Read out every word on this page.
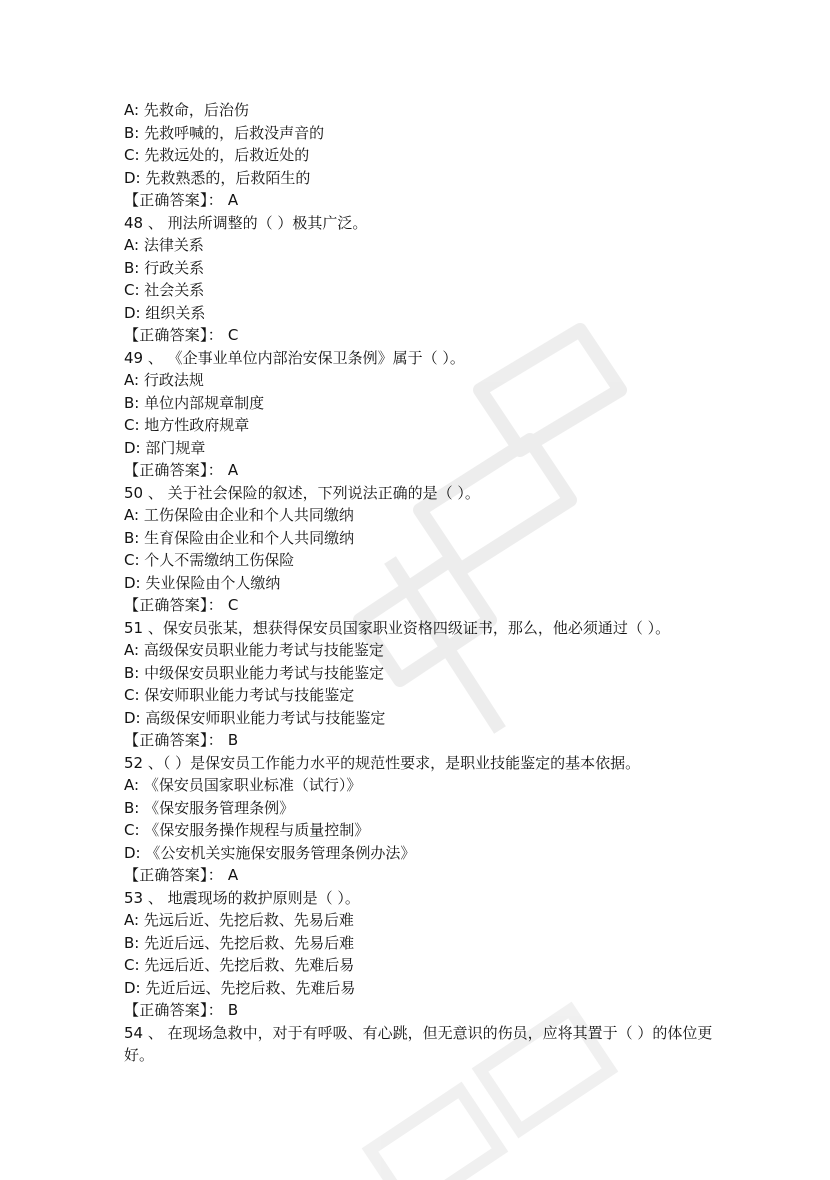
A: 先救命，后治伤
B: 先救呼喊的，后救没声音的
C: 先救远处的，后救近处的
D: 先救熟悉的，后救陌生的
【正确答案】： A
48 、 刑法所调整的（ ）极其广泛。
A: 法律关系
B: 行政关系
C: 社会关系
D: 组织关系
【正确答案】： C
49 、 《企事业单位内部治安保卫条例》属于（ ）。
A: 行政法规
B: 单位内部规章制度
C: 地方性政府规章
D: 部门规章
【正确答案】： A
50 、 关于社会保险的叙述，下列说法正确的是（ ）。
A: 工伤保险由企业和个人共同缴纳
B: 生育保险由企业和个人共同缴纳
C: 个人不需缴纳工伤保险
D: 失业保险由个人缴纳
【正确答案】： C
51 、保安员张某，想获得保安员国家职业资格四级证书，那么，他必须通过（ ）。
A: 高级保安员职业能力考试与技能鉴定
B: 中级保安员职业能力考试与技能鉴定
C: 保安师职业能力考试与技能鉴定
D: 高级保安师职业能力考试与技能鉴定
【正确答案】： B
52 、（ ）是保安员工作能力水平的规范性要求，是职业技能鉴定的基本依据。
A: 《保安员国家职业标准（试行）》
B: 《保安服务管理条例》
C: 《保安服务操作规程与质量控制》
D: 《公安机关实施保安服务管理条例办法》
【正确答案】： A
53 、 地震现场的救护原则是（ ）。
A: 先远后近、先挖后救、先易后难
B: 先近后远、先挖后救、先易后难
C: 先远后近、先挖后救、先难后易
D: 先近后远、先挖后救、先难后易
【正确答案】： B
54 、 在现场急救中，对于有呼吸、有心跳，但无意识的伤员，应将其置于（ ）的体位更好。
